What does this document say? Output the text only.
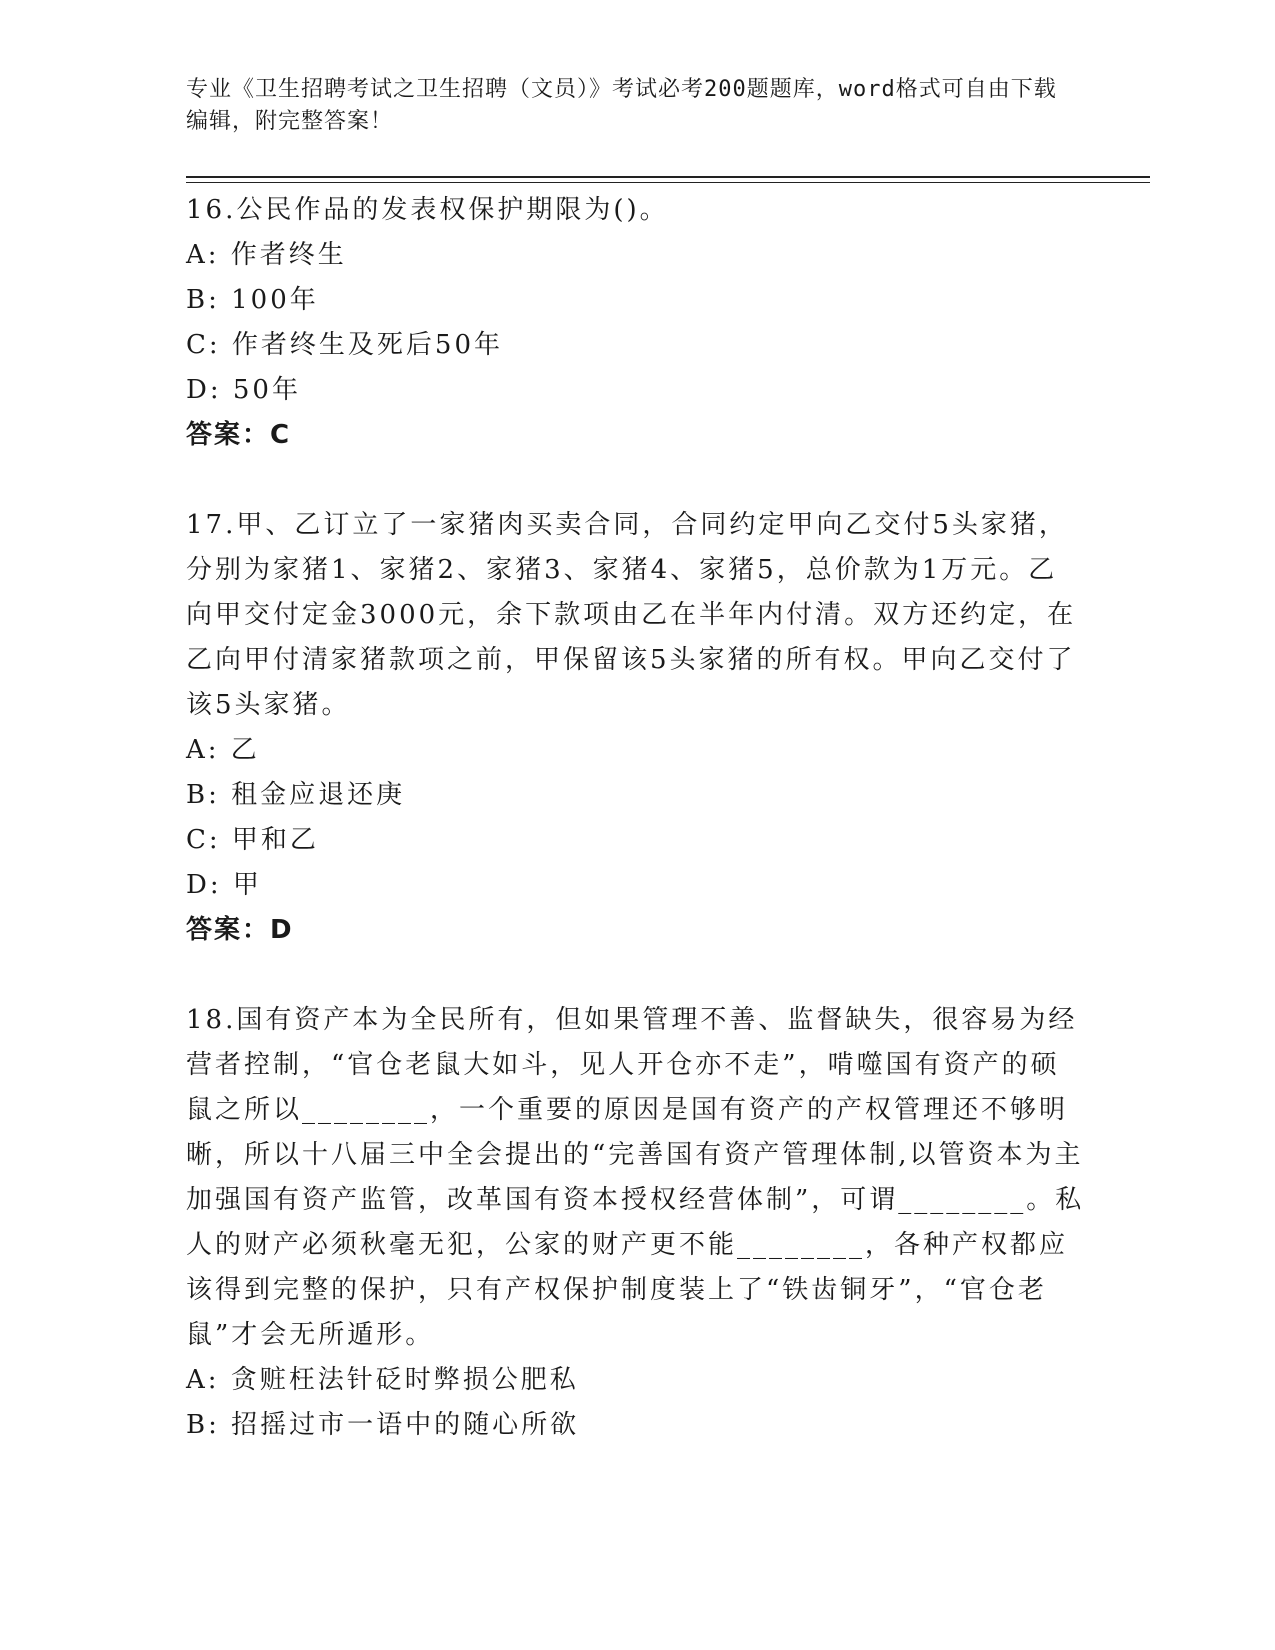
专业《卫生招聘考试之卫生招聘（文员）》考试必考200题题库，word格式可自由下载编辑，附完整答案！

16.公民作品的发表权保护期限为()。

A: 作者终生

B: 100年

C: 作者终生及死后50年

D: 50年

答案：C

17.甲、乙订立了一家猪肉买卖合同，合同约定甲向乙交付5头家猪，分别为家猪1、家猪2、家猪3、家猪4、家猪5，总价款为1万元。乙向甲交付定金3000元，余下款项由乙在半年内付清。双方还约定，在乙向甲付清家猪款项之前，甲保留该5头家猪的所有权。甲向乙交付了该5头家猪。

A: 乙

B: 租金应退还庚

C: 甲和乙

D: 甲

答案：D

18.国有资产本为全民所有，但如果管理不善、监督缺失，很容易为经营者控制，“官仓老鼠大如斗，见人开仓亦不走”，啃噬国有资产的硕鼠之所以________，一个重要的原因是国有资产的产权管理还不够明晰，所以十八届三中全会提出的“完善国有资产管理体制,以管资本为主加强国有资产监管，改革国有资本授权经营体制”，可谓________。私人的财产必须秋毫无犯，公家的财产更不能________，各种产权都应该得到完整的保护，只有产权保护制度装上了“铁齿铜牙”，“官仓老鼠”才会无所遁形。

A: 贪赃枉法针砭时弊损公肥私

B: 招摇过市一语中的随心所欲
